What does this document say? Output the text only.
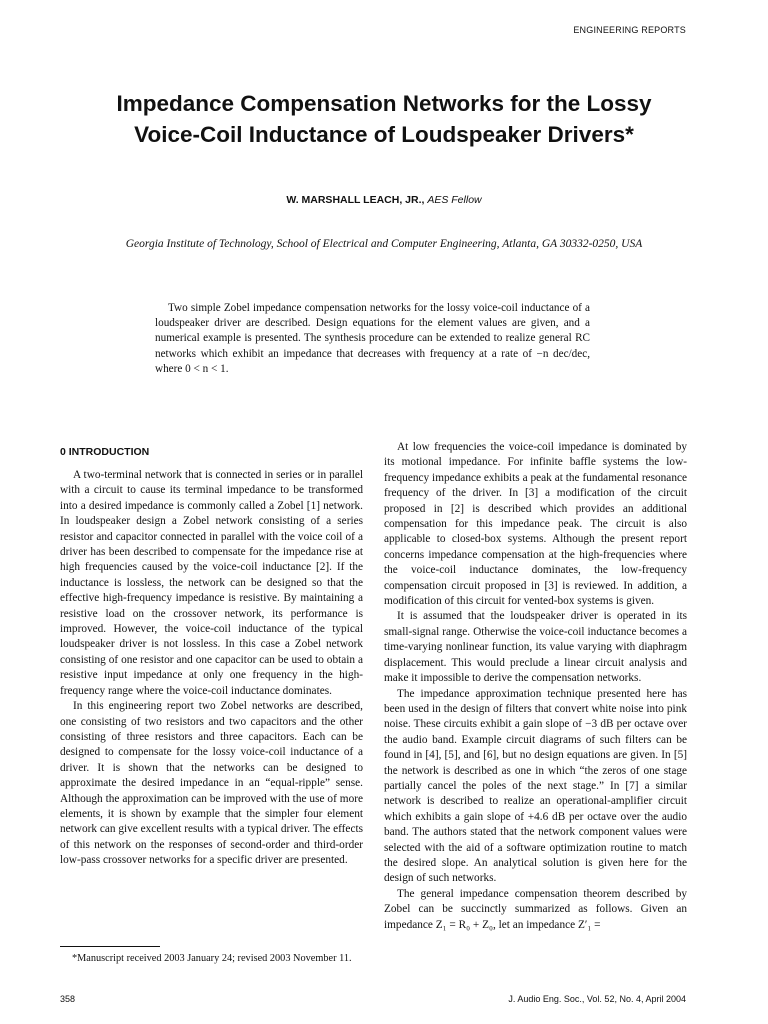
ENGINEERING REPORTS
Impedance Compensation Networks for the Lossy
Voice-Coil Inductance of Loudspeaker Drivers*
W. MARSHALL LEACH, JR., AES Fellow
Georgia Institute of Technology, School of Electrical and Computer Engineering, Atlanta, GA 30332-0250, USA

Two simple Zobel impedance compensation networks for the lossy voice-coil inductance of a loudspeaker driver are described. Design equations for the element values are given, and a numerical example is presented. The synthesis procedure can be extended to realize general RC networks which exhibit an impedance that decreases with frequency at a rate of −n dec/dec, where 0 < n < 1.

0 INTRODUCTION

A two-terminal network that is connected in series or in parallel with a circuit to cause its terminal impedance to be transformed into a desired impedance is commonly called a Zobel [1] network. In loudspeaker design a Zobel network consisting of a series resistor and capacitor connected in parallel with the voice coil of a driver has been described to compensate for the impedance rise at high frequencies caused by the voice-coil inductance [2]. If the inductance is lossless, the network can be designed so that the effective high-frequency impedance is resistive. By maintaining a resistive load on the crossover network, its performance is improved. However, the voice-coil inductance of the typical loudspeaker driver is not lossless. In this case a Zobel network consisting of one resistor and one capacitor can be used to obtain a resistive input impedance at only one frequency in the high-frequency range where the voice-coil inductance dominates.

In this engineering report two Zobel networks are described, one consisting of two resistors and two capacitors and the other consisting of three resistors and three capacitors. Each can be designed to compensate for the lossy voice-coil inductance of a driver. It is shown that the networks can be designed to approximate the desired impedance in an “equal-ripple” sense. Although the approximation can be improved with the use of more elements, it is shown by example that the simpler four element network can give excellent results with a typical driver. The effects of this network on the responses of second-order and third-order low-pass crossover networks for a specific driver are presented.

At low frequencies the voice-coil impedance is dominated by its motional impedance. For infinite baffle systems the low-frequency impedance exhibits a peak at the fundamental resonance frequency of the driver. In [3] a modification of the circuit proposed in [2] is described which provides an additional compensation for this impedance peak. The circuit is also applicable to closed-box systems. Although the present report concerns impedance compensation at the high-frequencies where the voice-coil inductance dominates, the low-frequency compensation circuit proposed in [3] is reviewed. In addition, a modification of this circuit for vented-box systems is given.

It is assumed that the loudspeaker driver is operated in its small-signal range. Otherwise the voice-coil inductance becomes a time-varying nonlinear function, its value varying with diaphragm displacement. This would preclude a linear circuit analysis and make it impossible to derive the compensation networks.

The impedance approximation technique presented here has been used in the design of filters that convert white noise into pink noise. These circuits exhibit a gain slope of −3 dB per octave over the audio band. Example circuit diagrams of such filters can be found in [4], [5], and [6], but no design equations are given. In [5] the network is described as one in which “the zeros of one stage partially cancel the poles of the next stage.” In [7] a similar network is described to realize an operational-amplifier circuit which exhibits a gain slope of +4.6 dB per octave over the audio band. The authors stated that the network component values were selected with the aid of a software optimization routine to match the desired slope. An analytical solution is given here for the design of such networks.

The general impedance compensation theorem described by Zobel can be succinctly summarized as follows. Given an impedance Z₁ = R₀ + Z₀, let an impedance Z′₁ =

*Manuscript received 2003 January 24; revised 2003 November 11.
358	J. Audio Eng. Soc., Vol. 52, No. 4, April 2004
